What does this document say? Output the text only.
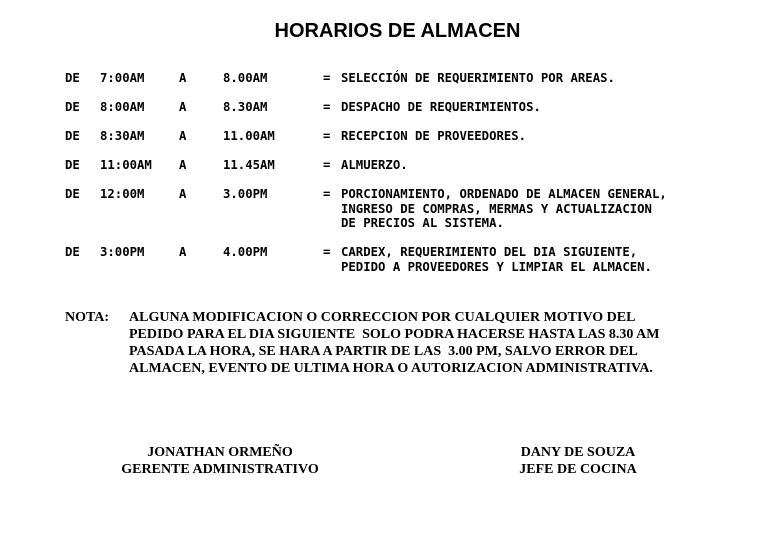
HORARIOS DE ALMACEN
DE 7:00AM	A	8.00AM	= SELECCIÓN DE REQUERIMIENTO POR AREAS.
DE 8:00AM	A	8.30AM	= DESPACHO DE REQUERIMIENTOS.
DE 8:30AM	A	11.00AM	= RECEPCION DE PROVEEDORES.
DE 11:00AM A	11.45AM	= ALMUERZO.
DE 12:00M	A	3.00PM	= PORCIONAMIENTO, ORDENADO DE ALMACEN GENERAL,
INGRESO DE COMPRAS, MERMAS Y ACTUALIZACION
DE PRECIOS AL SISTEMA.
DE 3:00PM	A	4.00PM	= CARDEX, REQUERIMIENTO DEL DIA SIGUIENTE,
PEDIDO A PROVEEDORES Y LIMPIAR EL ALMACEN.
NOTA: ALGUNA MODIFICACION O CORRECCION POR CUALQUIER MOTIVO DEL
PEDIDO PARA EL DIA SIGUIENTE  SOLO PODRA HACERSE HASTA LAS 8.30 AM
PASADA LA HORA, SE HARA A PARTIR DE LAS  3.00 PM, SALVO ERROR DEL
ALMACEN, EVENTO DE ULTIMA HORA O AUTORIZACION ADMINISTRATIVA.
JONATHAN ORMEÑO
GERENTE ADMINISTRATIVO
DANY DE SOUZA
JEFE DE COCINA
